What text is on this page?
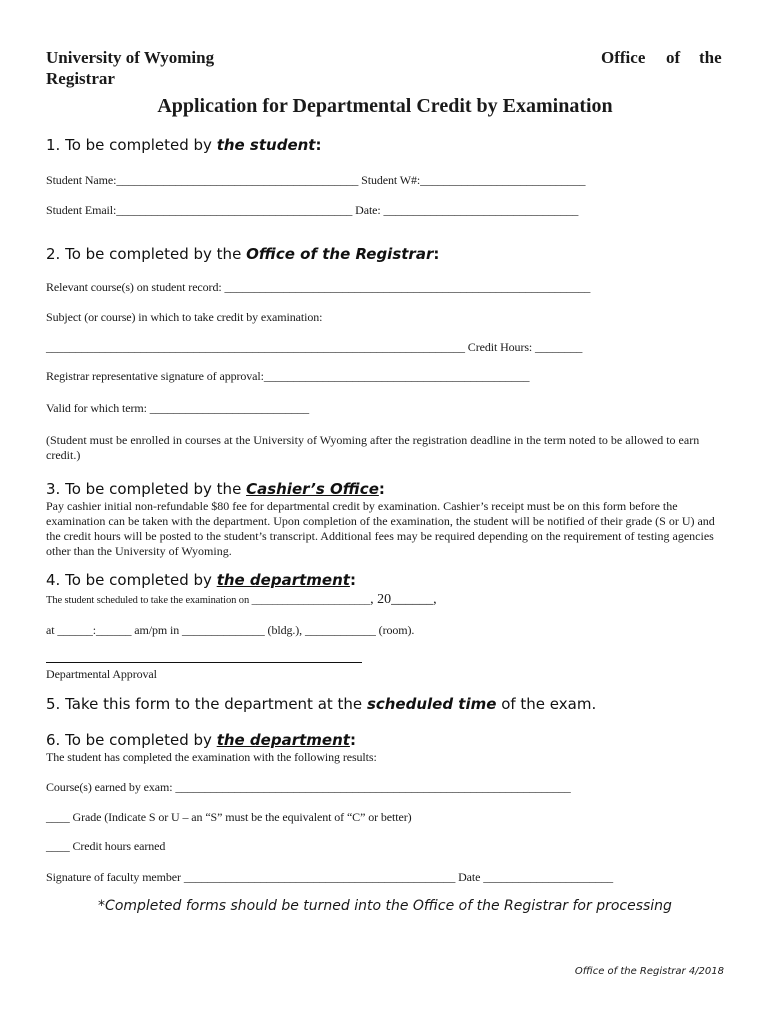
University of Wyoming
Registrar
Office of the
Application for Departmental Credit by Examination
1. To be completed by the student:
Student Name:_________________________________________ Student W#:____________________________
Student Email:________________________________________ Date: _________________________________
2. To be completed by the Office of the Registrar:
Relevant course(s) on student record: ______________________________________________________________
Subject (or course) in which to take credit by examination:
_______________________________________________________________________ Credit Hours: ________
Registrar representative signature of approval:_____________________________________________
Valid for which term: ___________________________
(Student must be enrolled in courses at the University of Wyoming after the registration deadline in the term noted to be allowed to earn credit.)
3. To be completed by the Cashier’s Office:
Pay cashier initial non-refundable $80 fee for departmental credit by examination. Cashier’s receipt must be on this form before the examination can be taken with the department. Upon completion of the examination, the student will be notified of their grade (S or U) and the credit hours will be posted to the student’s transcript. Additional fees may be required depending on the requirement of testing agencies other than the University of Wyoming.
4. To be completed by the department:
The student scheduled to take the examination on _______________________, 20______,
at ______:______ am/pm in ______________ (bldg.), ____________ (room).
Departmental Approval
5. Take this form to the department at the scheduled time of the exam.
6. To be completed by the department:
The student has completed the examination with the following results:
Course(s) earned by exam: ___________________________________________________________________
____ Grade (Indicate S or U – an “S” must be the equivalent of “C” or better)
____ Credit hours earned
Signature of faculty member ______________________________________________ Date ______________________
*Completed forms should be turned into the Office of the Registrar for processing
Office of the Registrar 4/2018
